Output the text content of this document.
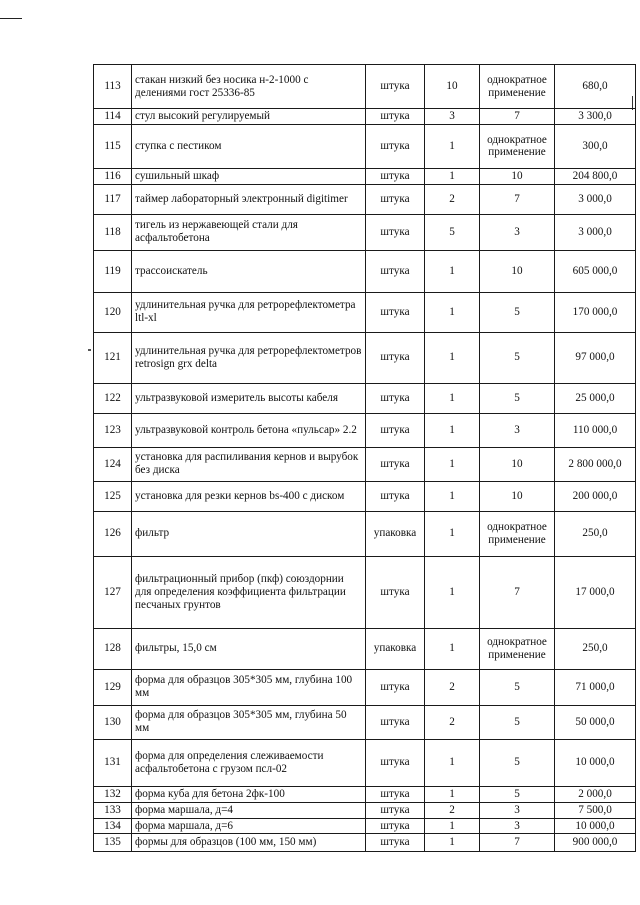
113	стакан низкий без носика н-2-1000 с делениями гост 25336-85	штука	10	однократное применение	680,0
114	стул высокий регулируемый	штука	3	7	3 300,0
115	ступка с пестиком	штука	1	однократное применение	300,0
116	сушильный шкаф	штука	1	10	204 800,0
117	таймер лабораторный электронный digitimer	штука	2	7	3 000,0
118	тигель из нержавеющей стали для асфальтобетона	штука	5	3	3 000,0
119	трассоискатель	штука	1	10	605 000,0
120	удлинительная ручка для ретрорефлектометра ltl-xl	штука	1	5	170 000,0
121	удлинительная ручка для ретрорефлектометров retrosign grx delta	штука	1	5	97 000,0
122	ультразвуковой измеритель высоты кабеля	штука	1	5	25 000,0
123	ультразвуковой контроль бетона «пульсар» 2.2	штука	1	3	110 000,0
124	установка для распиливания кернов и вырубок без диска	штука	1	10	2 800 000,0
125	установка для резки кернов bs-400 с диском	штука	1	10	200 000,0
126	фильтр	упаковка	1	однократное применение	250,0
127	фильтрационный прибор (пкф) союздорнии для определения коэффициента фильтрации песчаных грунтов	штука	1	7	17 000,0
128	фильтры, 15,0 см	упаковка	1	однократное применение	250,0
129	форма для образцов 305*305 мм, глубина 100 мм	штука	2	5	71 000,0
130	форма для образцов 305*305 мм, глубина 50 мм	штука	2	5	50 000,0
131	форма для определения слеживаемости асфальтобетона с грузом псл-02	штука	1	5	10 000,0
132	форма куба для бетона 2фк-100	штука	1	5	2 000,0
133	форма маршала, д=4	штука	2	3	7 500,0
134	форма маршала, д=6	штука	1	3	10 000,0
135	формы для образцов (100 мм, 150 мм)	штука	1	7	900 000,0
